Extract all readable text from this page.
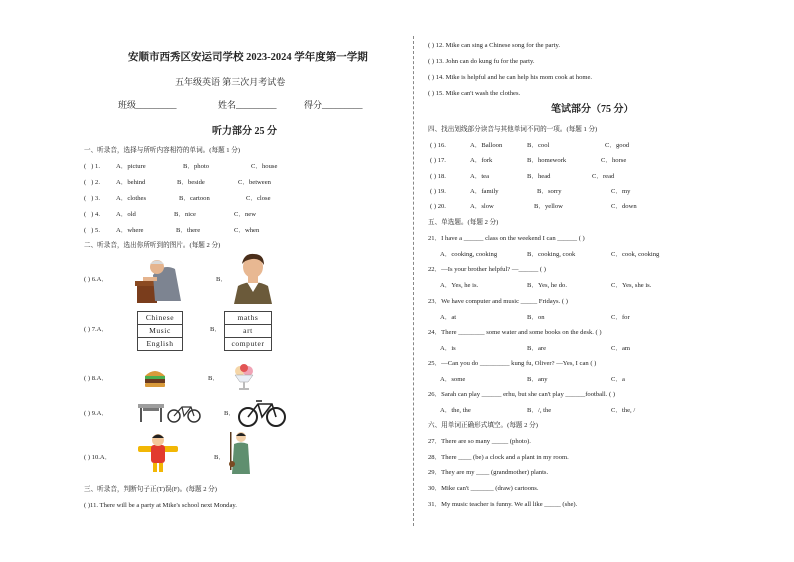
安顺市西秀区安运司学校 2023-2024 学年度第一学期
五年级英语 第三次月考试卷
班级_________	姓名_________	得分_________
听力部分 25 分
一、听录音，选择与所听内容相符的单词。(每题 1 分)
( ) 1. A．picture	B．photo	C．house
( ) 2. A．behind	B．beside	C．between
( ) 3. A．clothes	B．cartoon	C．close
( ) 4. A．old	B．nice	C．new
( ) 5. A．where	B．there	C．when
二、听录音，选出你所听到的图片。(每题 2 分)
( ) 6.A．	B．
( ) 7.A．
Chinese
Music
English
B．
maths
art
computer
( ) 8.A．	B．
( ) 9.A．	B．
( ) 10.A．	B．
三、听录音，判断句子正(T)误(F)。(每题 2 分)
( )11. There will be a party at Mike's school next Monday.
( ) 12. Mike can sing a Chinese song for the party.
( ) 13. John can do kung fu for the party.
( ) 14. Mike is helpful and he can help his mom cook at home.
( ) 15. Mike can't wash the clothes.
笔试部分（75 分）
四、找出划线部分读音与其他单词不同的一项。(每题 1 分)
( ) 16.	A．Balloon	B．cool	C．good
( ) 17.	A．fork	B．homework	C．horse
( ) 18.	A．tea	B．head	C．read
( ) 19.	A．family	B．sorry	C．my
( ) 20.	A．slow	B．yellow	C．down
五、单选题。(每题 2 分)
21．I have a ______ class on the weekend I can ______ ( )
A．cooking, cooking	B．cooking, cook	C．cook, cooking
22．—Is your brother helpful? —______ ( )
A．Yes, he is.	B．Yes, he do.	C．Yes, she is.
23．We have computer and music _____ Fridays. ( )
A．at	B．on	C．for
24．There ________ some water and some books on the desk. ( )
A．is	B．are	C．am
25．—Can you do _________ kung fu, Oliver? —Yes, I can ( )
A．some	B．any	C．a
26．Sarah can play ______ erhu, but she can't play ______football. ( )
A．the, the	B．/, the	C．the, /
六、用单词正确形式填空。(每题 2 分)
27．There are so many _____ (photo).
28．There ____ (be) a clock and a plant in my room.
29．They are my ____ (grandmother) plants.
30．Mike can't _______ (draw) cartoons.
31．My music teacher is funny. We all like _____ (she).
